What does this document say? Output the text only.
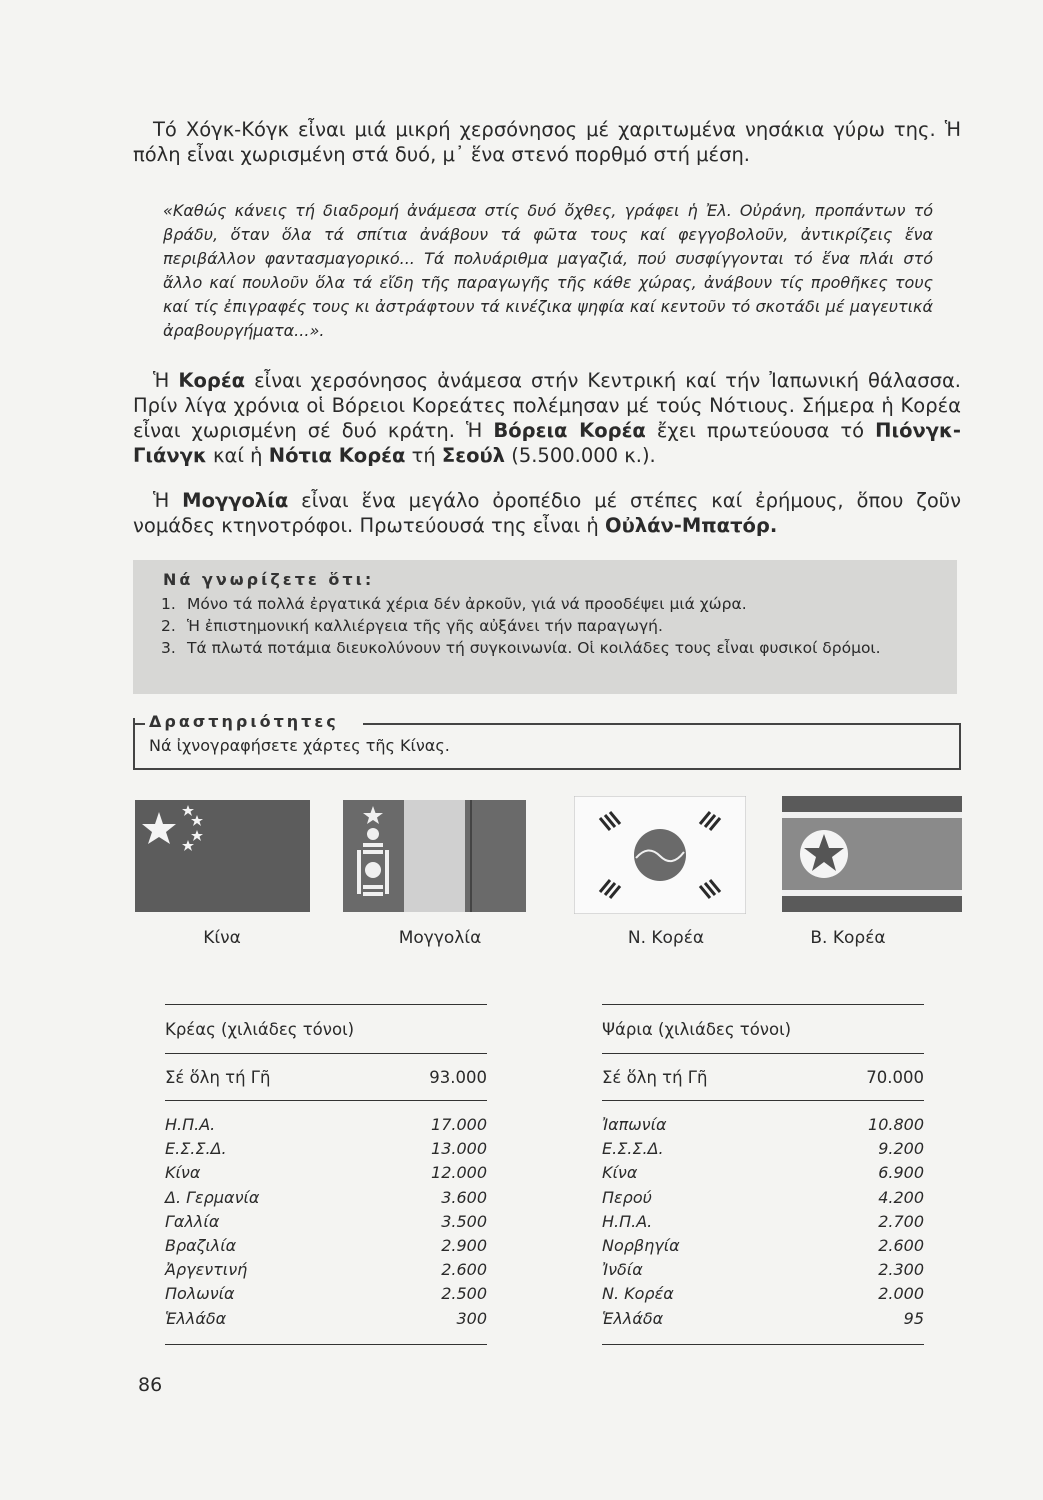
Τό Χόγκ-Κόγκ εἶναι μιά μικρή χερσόνησος μέ χαριτωμένα νησάκια γύρω της. Ἡ πόλη εἶναι χωρισμένη στά δυό, μ᾽ ἕνα στενό πορθμό στή μέση.
«Καθώς κάνεις τή διαδρομή ἀνάμεσα στίς δυό ὄχθες, γράφει ἡ Ἐλ. Οὐράνη, προπάντων τό βράδυ, ὅταν ὅλα τά σπίτια ἀνάβουν τά φῶτα τους καί φεγγοβολοῦν, ἀντικρίζεις ἕνα περιβάλλον φαντασμαγορικό... Τά πολυάριθμα μαγαζιά, πού συσφίγγονται τό ἕνα πλάι στό ἄλλο καί πουλοῦν ὅλα τά εἴδη τῆς παραγωγῆς τῆς κάθε χώρας, ἀνάβουν τίς προθῆκες τους καί τίς ἐπιγραφές τους κι ἀστράφτουν τά κινέζικα ψηφία καί κεντοῦν τό σκοτάδι μέ μαγευτικά ἀραβουργήματα...».
Ἡ Κορέα εἶναι χερσόνησος ἀνάμεσα στήν Κεντρική καί τήν Ἰαπωνική θάλασσα. Πρίν λίγα χρόνια οἱ Βόρειοι Κορεάτες πολέμησαν μέ τούς Νότιους. Σήμερα ἡ Κορέα εἶναι χωρισμένη σέ δυό κράτη. Ἡ Βόρεια Κορέα ἔχει πρωτεύουσα τό Πιόνγκ-Γιάνγκ καί ἡ Νότια Κορέα τή Σεούλ (5.500.000 κ.).
Ἡ Μογγολία εἶναι ἕνα μεγάλο ὀροπέδιο μέ στέπες καί ἐρήμους, ὅπου ζοῦν νομάδες κτηνοτρόφοι. Πρωτεύουσά της εἶναι ἡ Οὐλάν-Μπατόρ.
Νά γνωρίζετε ὅτι:
1. Μόνο τά πολλά ἐργατικά χέρια δέν ἀρκοῦν, γιά νά προοδέψει μιά χώρα.
2. Ἡ ἐπιστημονική καλλιέργεια τῆς γῆς αὐξάνει τήν παραγωγή.
3. Τά πλωτά ποτάμια διευκολύνουν τή συγκοινωνία. Οἱ κοιλάδες τους εἶναι φυσικοί δρόμοι.
Δραστηριότητες
Νά ἰχνογραφήσετε χάρτες τῆς Κίνας.
Κίνα	Μογγολία	Ν. Κορέα	Β. Κορέα
Κρέας (χιλιάδες τόνοι)
Σέ ὅλη τή Γῆ	93.000
Η.Π.Α.	17.000
Ε.Σ.Σ.Δ.	13.000
Κίνα	12.000
Δ. Γερμανία	3.600
Γαλλία	3.500
Βραζιλία	2.900
Ἀργεντινή	2.600
Πολωνία	2.500
Ἑλλάδα	300
Ψάρια (χιλιάδες τόνοι)
Σέ ὅλη τή Γῆ	70.000
Ἰαπωνία	10.800
Ε.Σ.Σ.Δ.	9.200
Κίνα	6.900
Περού	4.200
Η.Π.Α.	2.700
Νορβηγία	2.600
Ἰνδία	2.300
Ν. Κορέα	2.000
Ἑλλάδα	95
86
